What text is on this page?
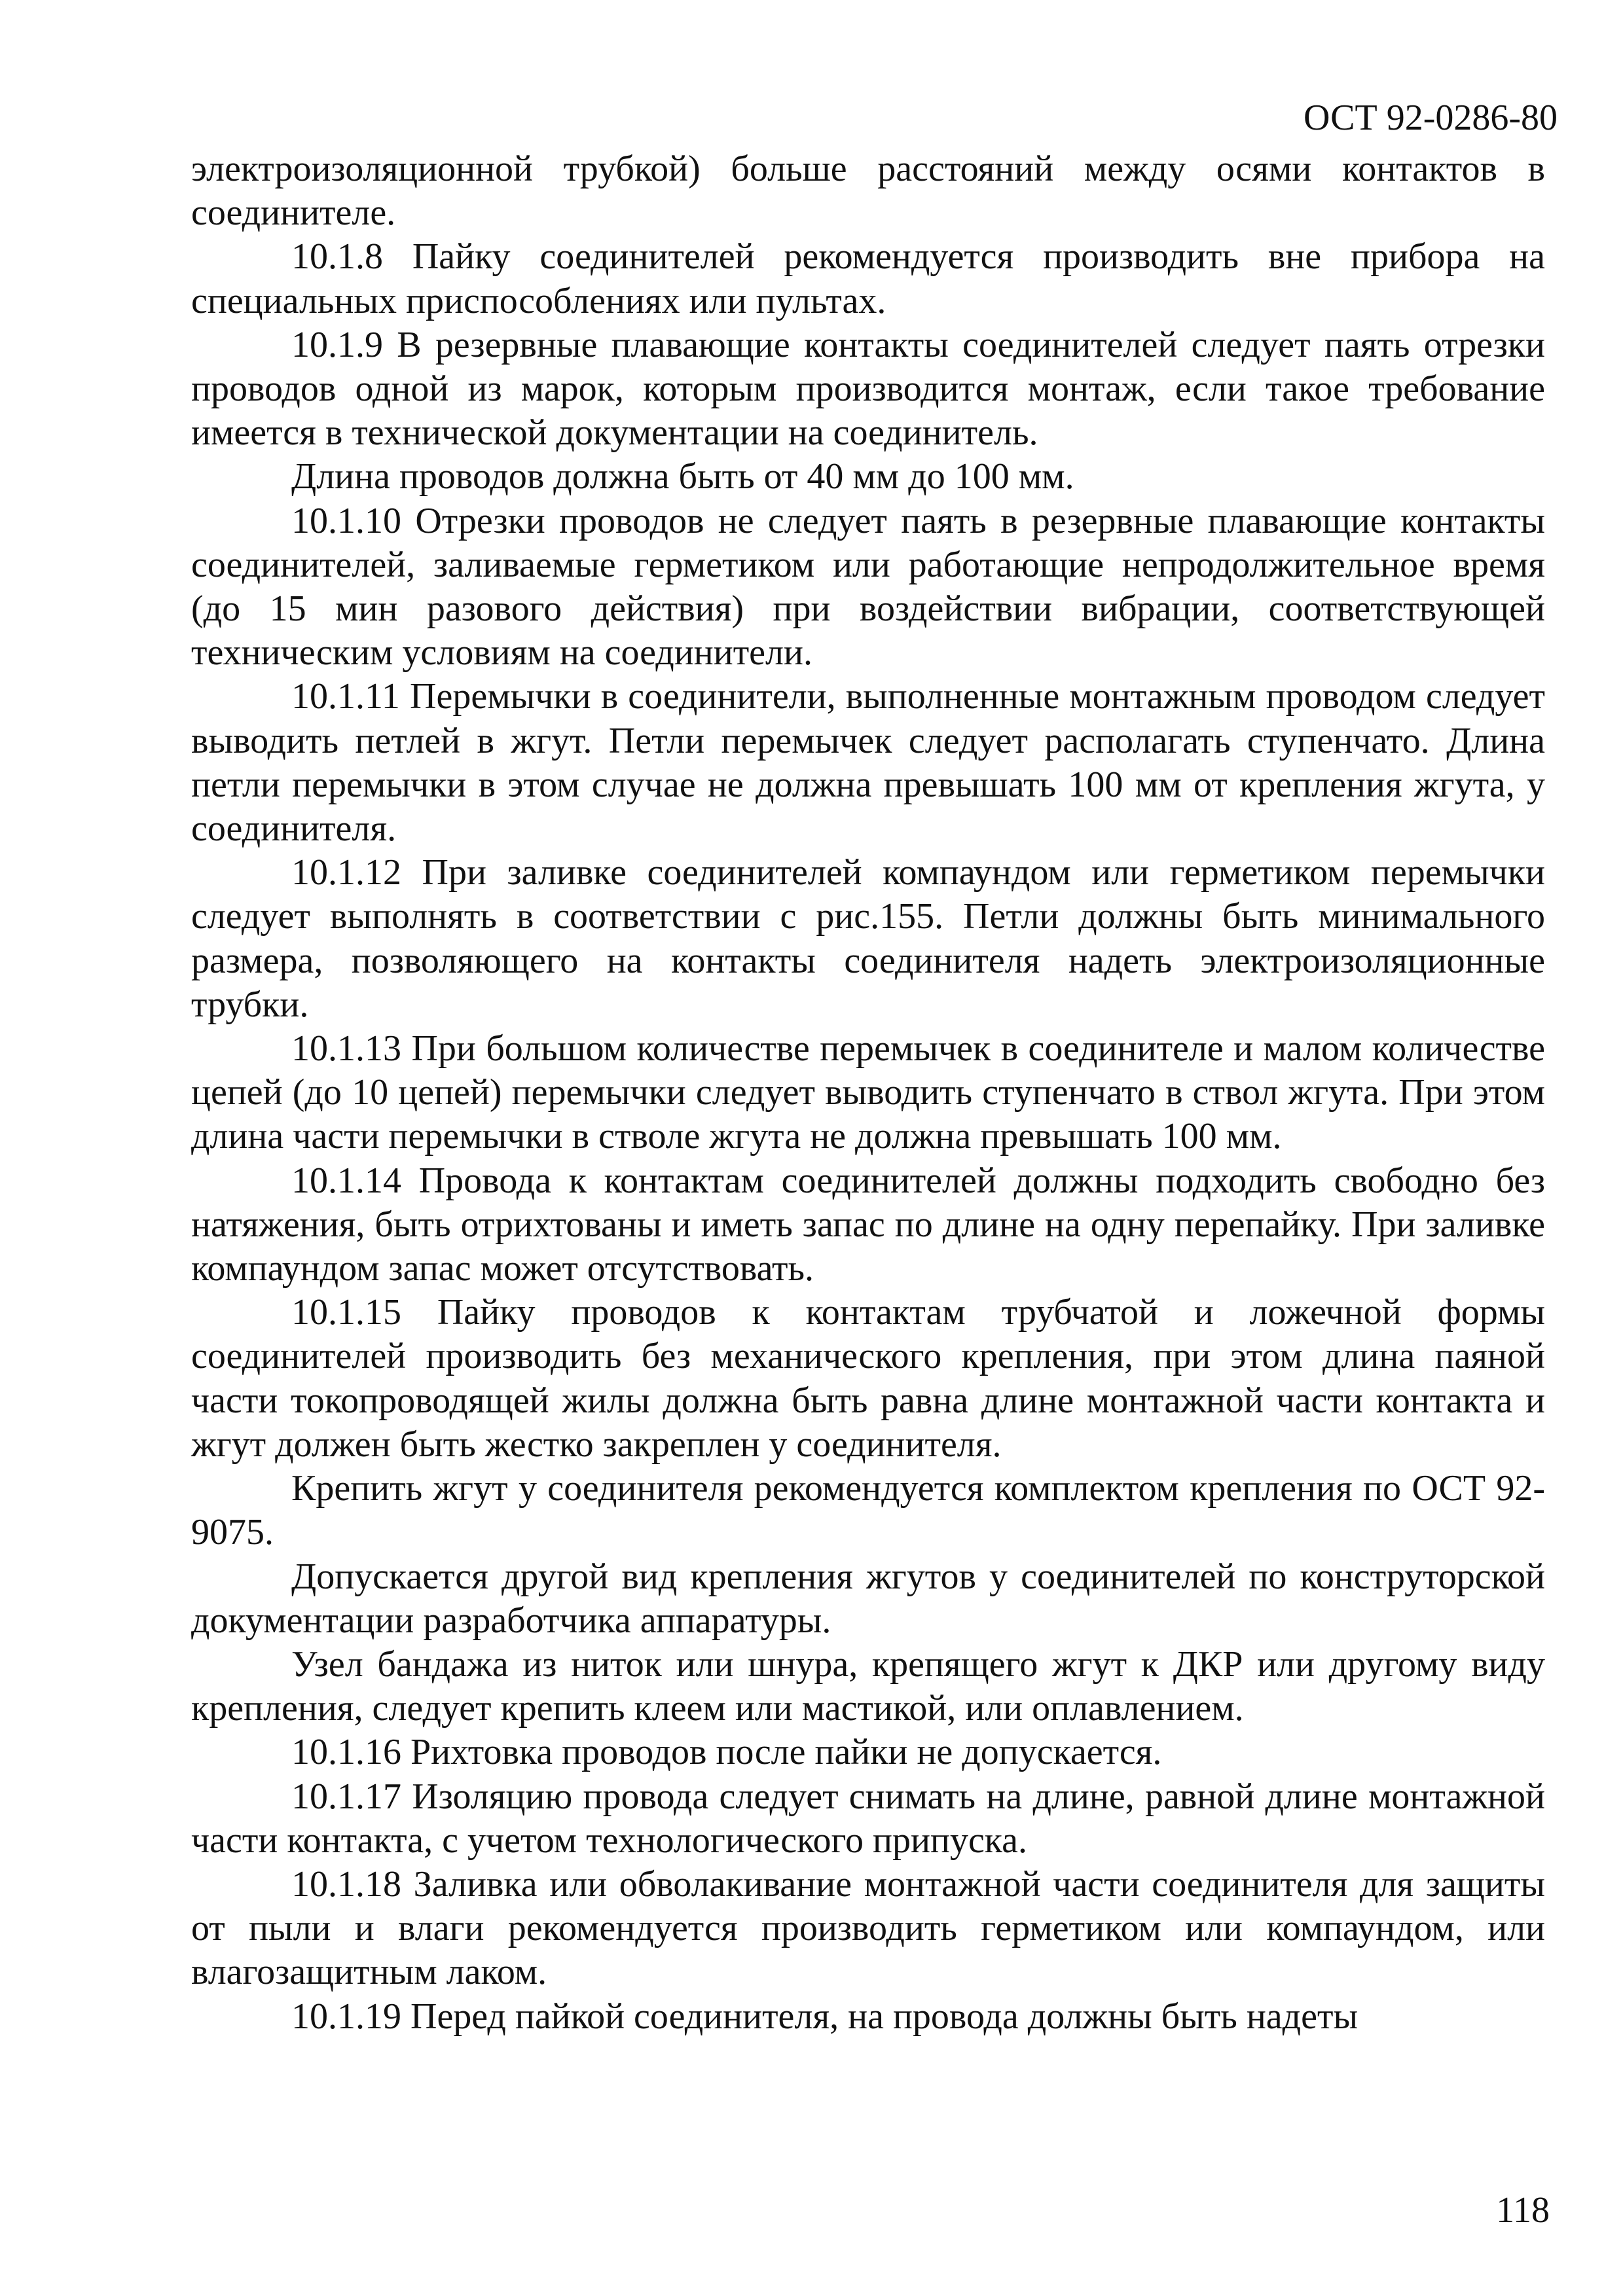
ОСТ 92-0286-80

электроизоляционной трубкой) больше расстояний между осями контактов в соединителе.

10.1.8 Пайку соединителей рекомендуется производить вне прибора на специальных приспособлениях или пультах.

10.1.9 В резервные плавающие контакты соединителей следует паять отрезки проводов одной из марок, которым производится монтаж, если такое требование имеется в технической документации на соединитель.

Длина проводов должна быть от 40 мм до 100 мм.

10.1.10 Отрезки проводов не следует паять в резервные плавающие контакты соединителей, заливаемые герметиком или работающие непродолжительное время (до 15 мин разового действия) при воздействии вибрации, соответствующей техническим условиям на соединители.

10.1.11 Перемычки в соединители, выполненные монтажным проводом следует выводить петлей в жгут. Петли перемычек следует располагать ступенчато. Длина петли перемычки в этом случае не должна превышать 100 мм от крепления жгута, у соединителя.

10.1.12 При заливке соединителей компаундом или герметиком перемычки следует выполнять в соответствии с рис.155. Петли должны быть минимального размера, позволяющего на контакты соединителя надеть электроизоляционные трубки.

10.1.13 При большом количестве перемычек в соединителе и малом количестве цепей (до 10 цепей) перемычки следует выводить ступенчато в ствол жгута. При этом длина части перемычки в стволе жгута не должна превышать 100 мм.

10.1.14 Провода к контактам соединителей должны подходить свободно без натяжения, быть отрихтованы и иметь запас по длине на одну перепайку. При заливке компаундом запас может отсутствовать.

10.1.15 Пайку проводов к контактам трубчатой и ложечной формы соединителей производить без механического крепления, при этом длина паяной части токопроводящей жилы должна быть равна длине монтажной части контакта и жгут должен быть жестко закреплен у соединителя.

Крепить жгут у соединителя рекомендуется комплектом крепления по ОСТ 92-9075.

Допускается другой вид крепления жгутов у соединителей по конструторской документации разработчика аппаратуры.

Узел бандажа из ниток или шнура, крепящего жгут к ДКР или другому виду крепления, следует крепить клеем или мастикой, или оплавлением.

10.1.16 Рихтовка проводов после пайки не допускается.

10.1.17 Изоляцию провода следует снимать на длине, равной длине монтажной части контакта, с учетом технологического припуска.

10.1.18 Заливка или обволакивание монтажной части соединителя для защиты от пыли и влаги рекомендуется производить герметиком или компаундом, или влагозащитным лаком.

10.1.19 Перед пайкой соединителя, на провода должны быть надеты

118
